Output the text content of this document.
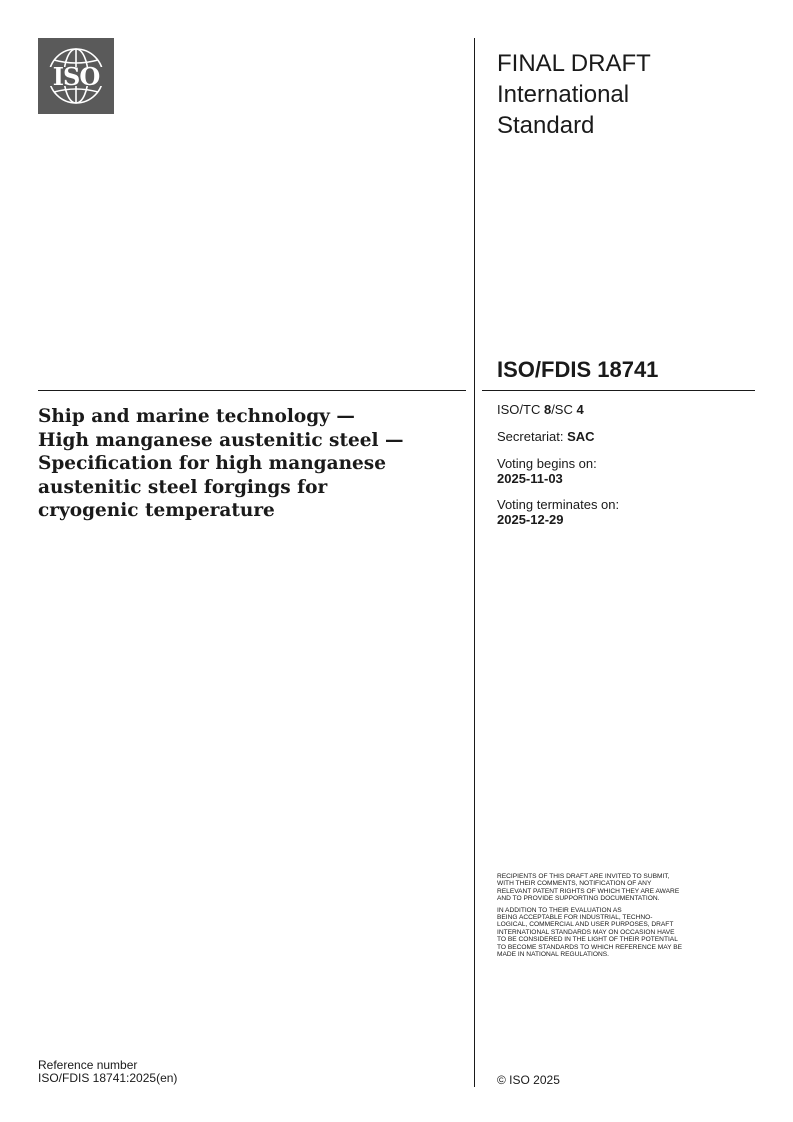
ISO	FINAL DRAFT
International
Standard
ISO/FDIS 18741
Ship and marine technology —
High manganese austenitic steel —
Specification for high manganese
austenitic steel forgings for
cryogenic temperature
ISO/TC 8/SC 4
Secretariat: SAC
Voting begins on:
2025-11-03
Voting terminates on:
2025-12-29

RECIPIENTS OF THIS DRAFT ARE INVITED TO SUBMIT,
WITH THEIR COMMENTS, NOTIFICATION OF ANY
RELEVANT PATENT RIGHTS OF WHICH THEY ARE AWARE
AND TO PROVIDE SUPPORTING DOCUMENTATION.

IN ADDITION TO THEIR EVALUATION AS
BEING ACCEPTABLE FOR INDUSTRIAL, TECHNO-
LOGICAL, COMMERCIAL AND USER PURPOSES, DRAFT
INTERNATIONAL STANDARDS MAY ON OCCASION HAVE
TO BE CONSIDERED IN THE LIGHT OF THEIR POTENTIAL
TO BECOME STANDARDS TO WHICH REFERENCE MAY BE
MADE IN NATIONAL REGULATIONS.

Reference number
ISO/FDIS 18741:2025(en)	© ISO 2025
